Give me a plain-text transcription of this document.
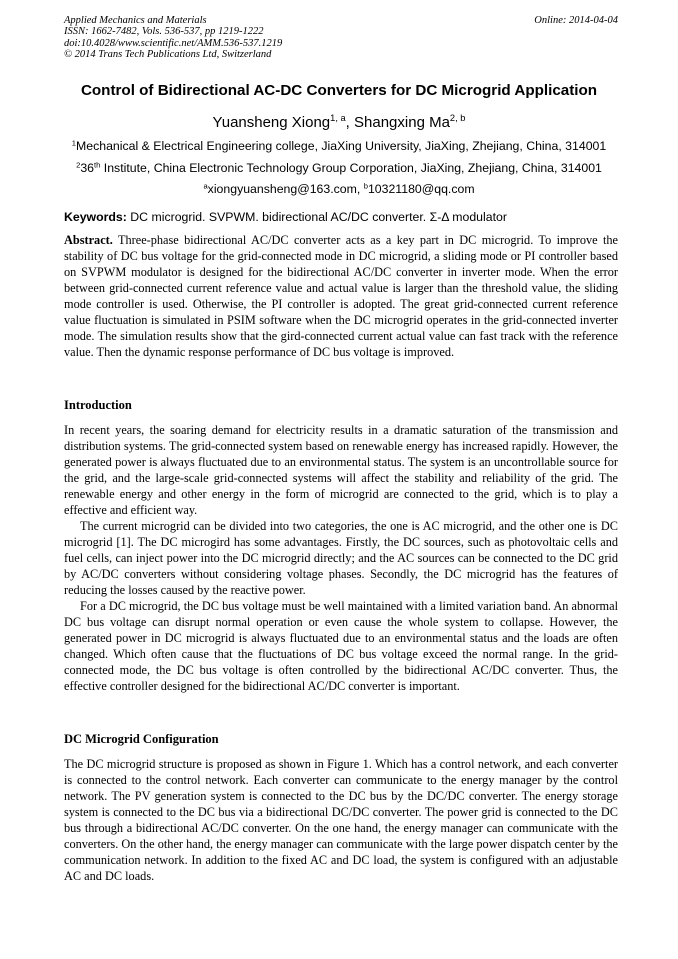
Applied Mechanics and Materials
ISSN: 1662-7482, Vols. 536-537, pp 1219-1222
doi:10.4028/www.scientific.net/AMM.536-537.1219
© 2014 Trans Tech Publications Ltd, Switzerland
Online: 2014-04-04
Control of Bidirectional AC-DC Converters for DC Microgrid Application
Yuansheng Xiong$^{1, a}$, Shangxing Ma$^{2, b}$
$^1$Mechanical & Electrical Engineering college, JiaXing University, JiaXing, Zhejiang, China, 314001
$^2$36th Institute, China Electronic Technology Group Corporation, JiaXing, Zhejiang, China, 314001
$^a$xiongyuansheng@163.com, $^b$10321180@qq.com
Keywords: DC microgrid. SVPWM. bidirectional AC/DC converter. Σ-Δ modulator
Abstract. Three-phase bidirectional AC/DC converter acts as a key part in DC microgrid. To improve the stability of DC bus voltage for the grid-connected mode in DC microgrid, a sliding mode or PI controller based on SVPWM modulator is designed for the bidirectional AC/DC converter in inverter mode. When the error between grid-connected current reference value and actual value is larger than the threshold value, the sliding mode controller is used. Otherwise, the PI controller is adopted. The great grid-connected current reference value fluctuation is simulated in PSIM software when the DC microgrid operates in the grid-connected inverter mode. The simulation results show that the gird-connected current actual value can fast track with the reference value. Then the dynamic response performance of DC bus voltage is improved.
Introduction
In recent years, the soaring demand for electricity results in a dramatic saturation of the transmission and distribution systems. The grid-connected system based on renewable energy has increased rapidly. However, the generated power is always fluctuated due to an environmental status. The system is an uncontrollable source for the grid, and the large-scale grid-connected systems will affect the stability and reliability of the grid. The renewable energy and other energy in the form of microgrid are connected to the grid, which is to play a effective and efficient way.
The current microgrid can be divided into two categories, the one is AC microgrid, and the other one is DC microgrid [1]. The DC microgird has some advantages. Firstly, the DC sources, such as photovoltaic cells and fuel cells, can inject power into the DC microgrid directly; and the AC sources can be connected to the DC grid by AC/DC converters without considering voltage phases. Secondly, the DC microgrid has the features of reducing the losses caused by the reactive power.
For a DC microgrid, the DC bus voltage must be well maintained with a limited variation band. An abnormal DC bus voltage can disrupt normal operation or even cause the whole system to collapse. However, the generated power in DC microgrid is always fluctuated due to an environmental status and the loads are often changed. Which often cause that the fluctuations of DC bus voltage exceed the normal range. In the grid-connected mode, the DC bus voltage is often controlled by the bidirectional AC/DC converter. Thus, the effective controller designed for the bidirectional AC/DC converter is important.
DC Microgrid Configuration
The DC microgrid structure is proposed as shown in Figure 1. Which has a control network, and each converter is connected to the control network. Each converter can communicate to the energy manager by the control network. The PV generation system is connected to the DC bus by the DC/DC converter. The energy storage system is connected to the DC bus via a bidirectional DC/DC converter. The power grid is connected to the DC bus through a bidirectional AC/DC converter. On the one hand, the energy manager can communicate with the converters. On the other hand, the energy manager can communicate with the large power dispatch center by the communication network. In addition to the fixed AC and DC load, the system is configured with an adjustable AC and DC loads.
